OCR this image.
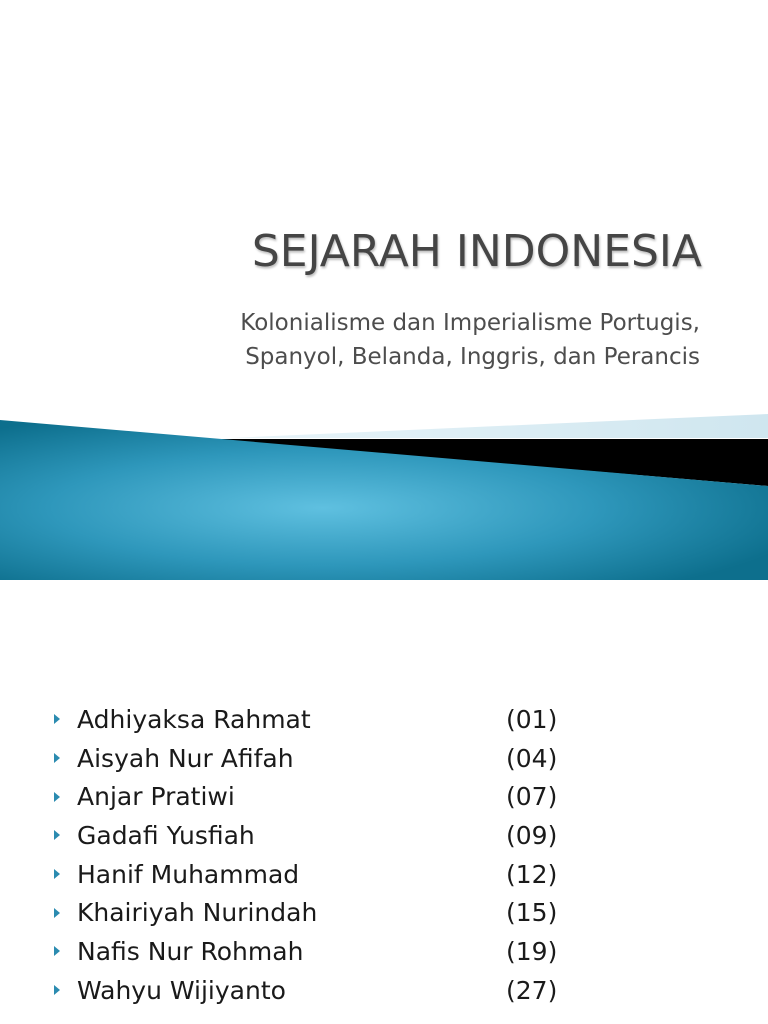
SEJARAH INDONESIA
Kolonialisme dan Imperialisme Portugis,
Spanyol, Belanda, Inggris, dan Perancis
Adhiyaksa Rahmat	(01)
Aisyah Nur Afifah	(04)
Anjar Pratiwi	(07)
Gadafi Yusfiah	(09)
Hanif Muhammad	(12)
Khairiyah Nurindah	(15)
Nafis Nur Rohmah	(19)
Wahyu Wijiyanto	(27)
